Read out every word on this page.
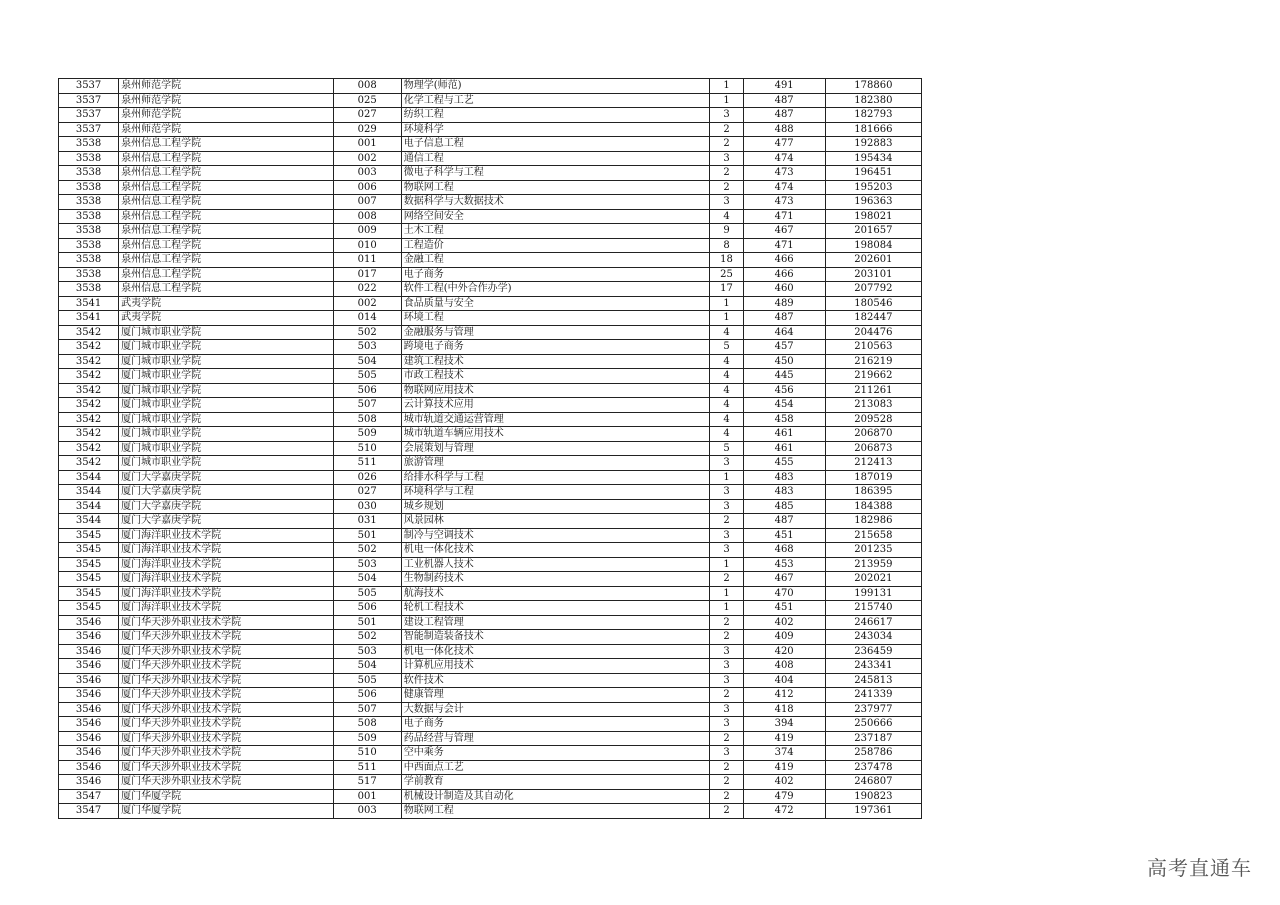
3537	泉州师范学院	008	物理学(师范)	1	491	178860
3537	泉州师范学院	025	化学工程与工艺	1	487	182380
3537	泉州师范学院	027	纺织工程	3	487	182793
3537	泉州师范学院	029	环境科学	2	488	181666
3538	泉州信息工程学院	001	电子信息工程	2	477	192883
3538	泉州信息工程学院	002	通信工程	3	474	195434
3538	泉州信息工程学院	003	微电子科学与工程	2	473	196451
3538	泉州信息工程学院	006	物联网工程	2	474	195203
3538	泉州信息工程学院	007	数据科学与大数据技术	3	473	196363
3538	泉州信息工程学院	008	网络空间安全	4	471	198021
3538	泉州信息工程学院	009	土木工程	9	467	201657
3538	泉州信息工程学院	010	工程造价	8	471	198084
3538	泉州信息工程学院	011	金融工程	18	466	202601
3538	泉州信息工程学院	017	电子商务	25	466	203101
3538	泉州信息工程学院	022	软件工程(中外合作办学)	17	460	207792
3541	武夷学院	002	食品质量与安全	1	489	180546
3541	武夷学院	014	环境工程	1	487	182447
3542	厦门城市职业学院	502	金融服务与管理	4	464	204476
3542	厦门城市职业学院	503	跨境电子商务	5	457	210563
3542	厦门城市职业学院	504	建筑工程技术	4	450	216219
3542	厦门城市职业学院	505	市政工程技术	4	445	219662
3542	厦门城市职业学院	506	物联网应用技术	4	456	211261
3542	厦门城市职业学院	507	云计算技术应用	4	454	213083
3542	厦门城市职业学院	508	城市轨道交通运营管理	4	458	209528
3542	厦门城市职业学院	509	城市轨道车辆应用技术	4	461	206870
3542	厦门城市职业学院	510	会展策划与管理	5	461	206873
3542	厦门城市职业学院	511	旅游管理	3	455	212413
3544	厦门大学嘉庚学院	026	给排水科学与工程	1	483	187019
3544	厦门大学嘉庚学院	027	环境科学与工程	3	483	186395
3544	厦门大学嘉庚学院	030	城乡规划	3	485	184388
3544	厦门大学嘉庚学院	031	风景园林	2	487	182986
3545	厦门海洋职业技术学院	501	制冷与空调技术	3	451	215658
3545	厦门海洋职业技术学院	502	机电一体化技术	3	468	201235
3545	厦门海洋职业技术学院	503	工业机器人技术	1	453	213959
3545	厦门海洋职业技术学院	504	生物制药技术	2	467	202021
3545	厦门海洋职业技术学院	505	航海技术	1	470	199131
3545	厦门海洋职业技术学院	506	轮机工程技术	1	451	215740
3546	厦门华天涉外职业技术学院	501	建设工程管理	2	402	246617
3546	厦门华天涉外职业技术学院	502	智能制造装备技术	2	409	243034
3546	厦门华天涉外职业技术学院	503	机电一体化技术	3	420	236459
3546	厦门华天涉外职业技术学院	504	计算机应用技术	3	408	243341
3546	厦门华天涉外职业技术学院	505	软件技术	3	404	245813
3546	厦门华天涉外职业技术学院	506	健康管理	2	412	241339
3546	厦门华天涉外职业技术学院	507	大数据与会计	3	418	237977
3546	厦门华天涉外职业技术学院	508	电子商务	3	394	250666
3546	厦门华天涉外职业技术学院	509	药品经营与管理	2	419	237187
3546	厦门华天涉外职业技术学院	510	空中乘务	3	374	258786
3546	厦门华天涉外职业技术学院	511	中西面点工艺	2	419	237478
3546	厦门华天涉外职业技术学院	517	学前教育	2	402	246807
3547	厦门华厦学院	001	机械设计制造及其自动化	2	479	190823
3547	厦门华厦学院	003	物联网工程	2	472	197361
高考直通车
